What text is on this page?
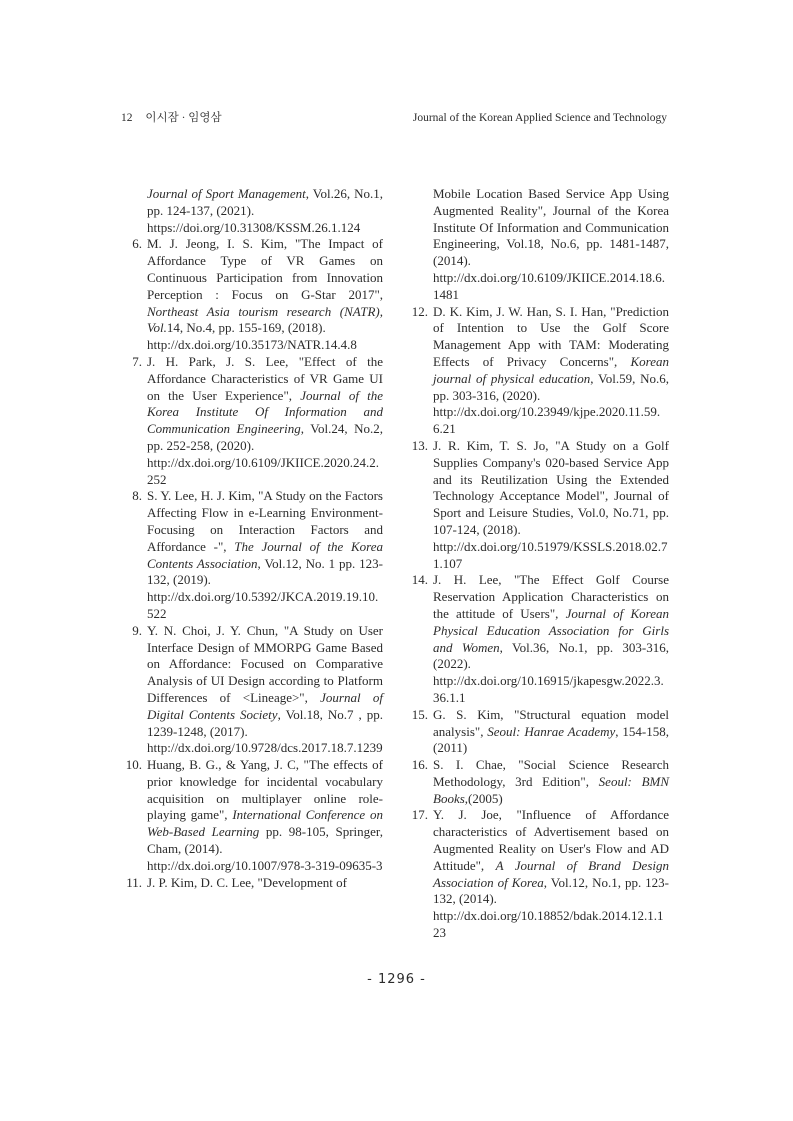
12 이시잠 · 임영삼	Journal of the Korean Applied Science and Technology
Journal of Sport Management, Vol.26, No.1, pp. 124-137, (2021).
https://doi.org/10.31308/KSSM.26.1.124
6. M. J. Jeong, I. S. Kim, "The Impact of Affordance Type of VR Games on Continuous Participation from Innovation Perception : Focus on G-Star 2017", Northeast Asia tourism research (NATR), Vol.14, No.4, pp. 155-169, (2018).
http://dx.doi.org/10.35173/NATR.14.4.8
7. J. H. Park, J. S. Lee, "Effect of the Affordance Characteristics of VR Game UI on the User Experience", Journal of the Korea Institute Of Information and Communication Engineering, Vol.24, No.2, pp. 252-258, (2020).
http://dx.doi.org/10.6109/JKIICE.2020.24.2.252
8. S. Y. Lee, H. J. Kim, "A Study on the Factors Affecting Flow in e-Learning Environment- Focusing on Interaction Factors and Affordance -", The Journal of the Korea Contents Association, Vol.12, No. 1 pp. 123-132, (2019).
http://dx.doi.org/10.5392/JKCA.2019.19.10.522
9. Y. N. Choi, J. Y. Chun, "A Study on User Interface Design of MMORPG Game Based on Affordance: Focused on Comparative Analysis of UI Design according to Platform Differences of <Lineage>", Journal of Digital Contents Society, Vol.18, No.7 , pp. 1239-1248, (2017).
http://dx.doi.org/10.9728/dcs.2017.18.7.1239
10. Huang, B. G., & Yang, J. C, "The effects of prior knowledge for incidental vocabulary acquisition on multiplayer online role-playing game", International Conference on Web-Based Learning pp. 98-105, Springer, Cham, (2014).
http://dx.doi.org/10.1007/978-3-319-09635-3
11. J. P. Kim, D. C. Lee, "Development of
Mobile Location Based Service App Using Augmented Reality", Journal of the Korea Institute Of Information and Communication Engineering, Vol.18, No.6, pp. 1481-1487, (2014).
http://dx.doi.org/10.6109/JKIICE.2014.18.6.1481
12. D. K. Kim, J. W. Han, S. I. Han, "Prediction of Intention to Use the Golf Score Management App with TAM: Moderating Effects of Privacy Concerns", Korean journal of physical education, Vol.59, No.6, pp. 303-316, (2020).
http://dx.doi.org/10.23949/kjpe.2020.11.59.6.21
13. J. R. Kim, T. S. Jo, "A Study on a Golf Supplies Company's 020-based Service App and its Reutilization Using the Extended Technology Acceptance Model", Journal of Sport and Leisure Studies, Vol.0, No.71, pp. 107-124, (2018).
http://dx.doi.org/10.51979/KSSLS.2018.02.71.107
14. J. H. Lee, "The Effect Golf Course Reservation Application Characteristics on the attitude of Users", Journal of Korean Physical Education Association for Girls and Women, Vol.36, No.1, pp. 303-316, (2022).
http://dx.doi.org/10.16915/jkapesgw.2022.3.36.1.1
15. G. S. Kim, "Structural equation model analysis", Seoul: Hanrae Academy, 154-158, (2011)
16. S. I. Chae, "Social Science Research Methodology, 3rd Edition", Seoul: BMN Books,(2005)
17. Y. J. Joe, "Influence of Affordance characteristics of Advertisement based on Augmented Reality on User's Flow and AD Attitude", A Journal of Brand Design Association of Korea, Vol.12, No.1, pp. 123-132, (2014).
http://dx.doi.org/10.18852/bdak.2014.12.1.123
- 1296 -
